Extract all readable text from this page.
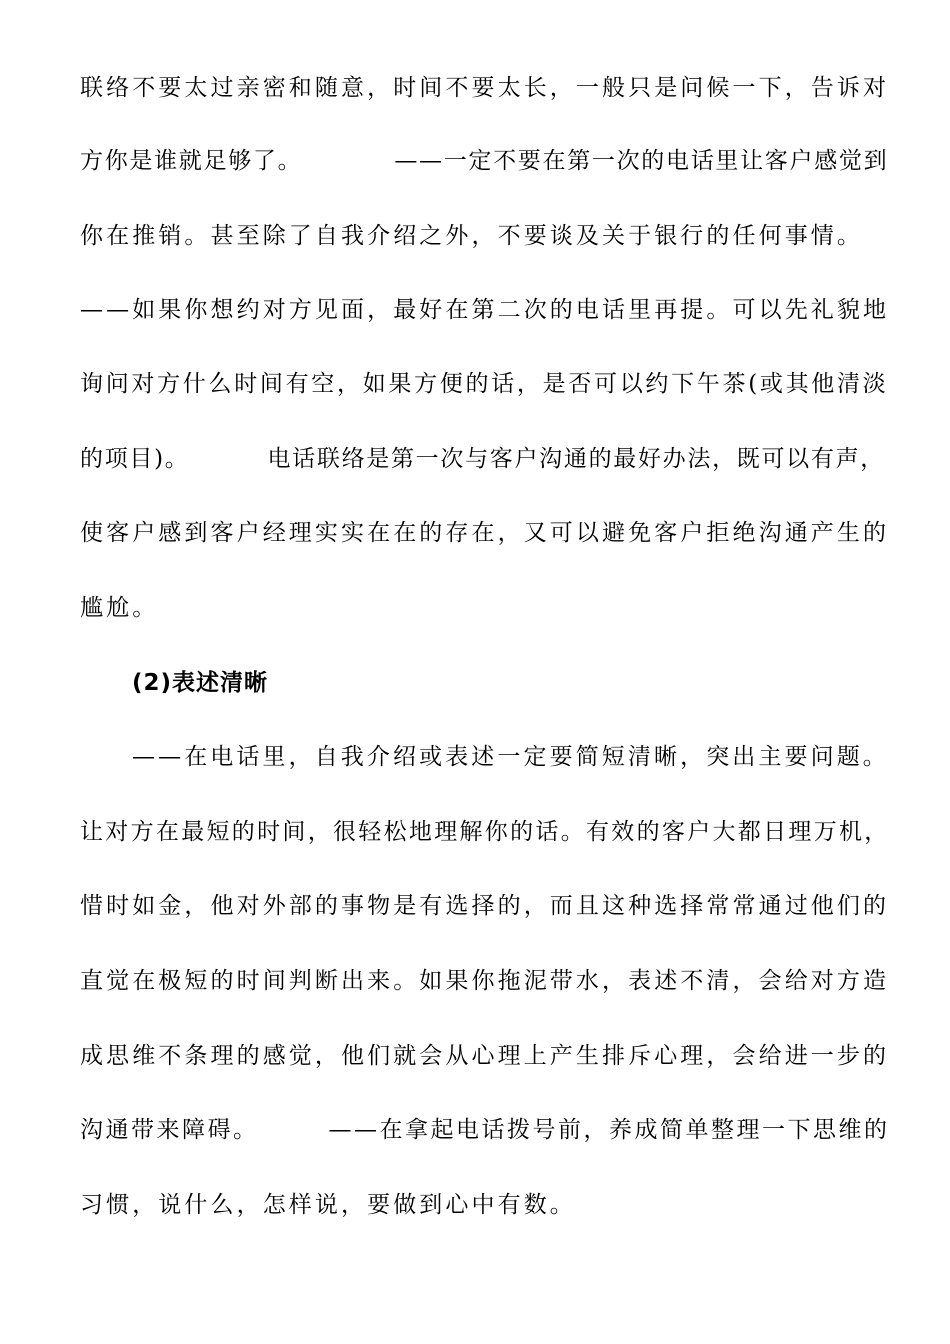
联络不要太过亲密和随意，时间不要太长，一般只是问候一下，告诉对
方你是谁就足够了。	——一定不要在第一次的电话里让客户感觉到
你在推销。甚至除了自我介绍之外，不要谈及关于银行的任何事情。
——如果你想约对方见面，最好在第二次的电话里再提。可以先礼貌地
询问对方什么时间有空，如果方便的话，是否可以约下午茶(或其他清淡
的项目)。	电话联络是第一次与客户沟通的最好办法，既可以有声，
使客户感到客户经理实实在在的存在，又可以避免客户拒绝沟通产生的
尴尬。
(2)表述清晰
——在电话里，自我介绍或表述一定要简短清晰，突出主要问题。
让对方在最短的时间，很轻松地理解你的话。有效的客户大都日理万机，
惜时如金，他对外部的事物是有选择的，而且这种选择常常通过他们的
直觉在极短的时间判断出来。如果你拖泥带水，表述不清，会给对方造
成思维不条理的感觉，他们就会从心理上产生排斥心理，会给进一步的
沟通带来障碍。	——在拿起电话拨号前，养成简单整理一下思维的
习惯，说什么，怎样说，要做到心中有数。
